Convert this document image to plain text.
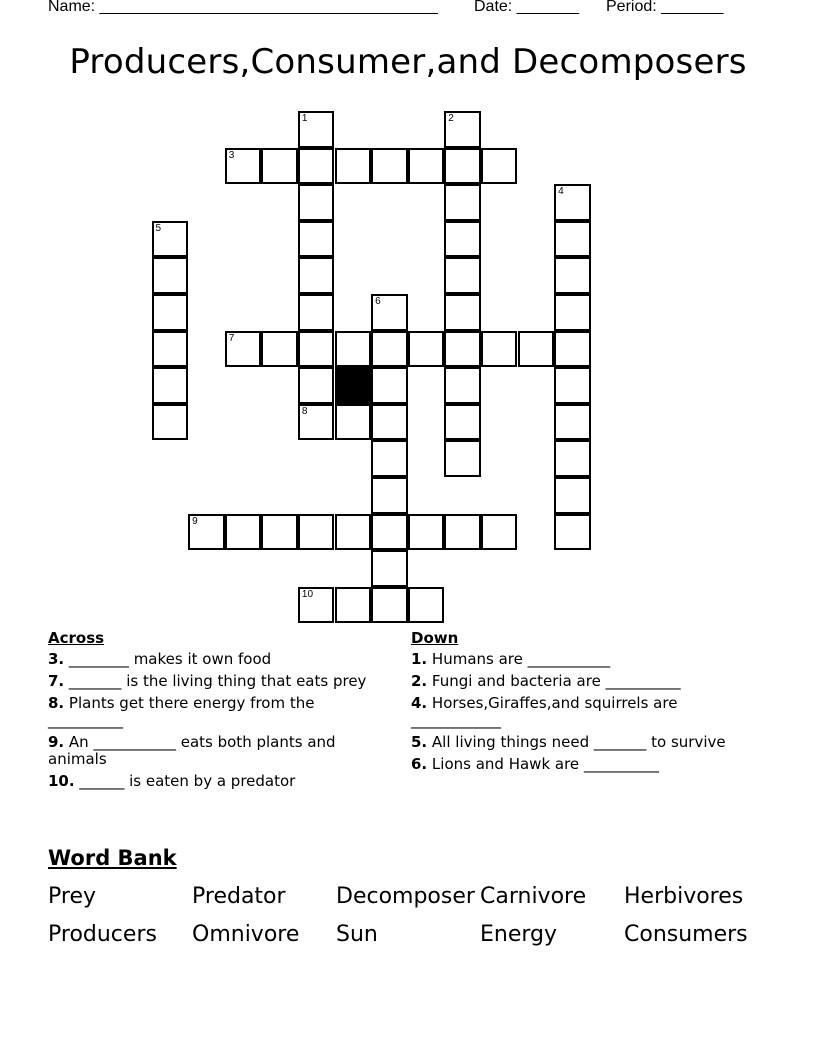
Name: ______________________________________ Date: _______ Period: _______
Producers,Consumer,and Decomposers
3
1	2
4
5
6
7
8
9
10
Across
3. ________ makes it own food
7. _______ is the living thing that eats prey
8. Plants get there energy from the __________
9. An ___________ eats both plants and animals
10. ______ is eaten by a predator
Down
1. Humans are ___________
2. Fungi and bacteria are __________
4. Horses,Giraffes,and squirrels are ____________
5. All living things need _______ to survive
6. Lions and Hawk are __________
Word Bank
Prey	Predator	Decomposer Carnivore	Herbivores
Producers	Omnivore	Sun	Energy	Consumers
